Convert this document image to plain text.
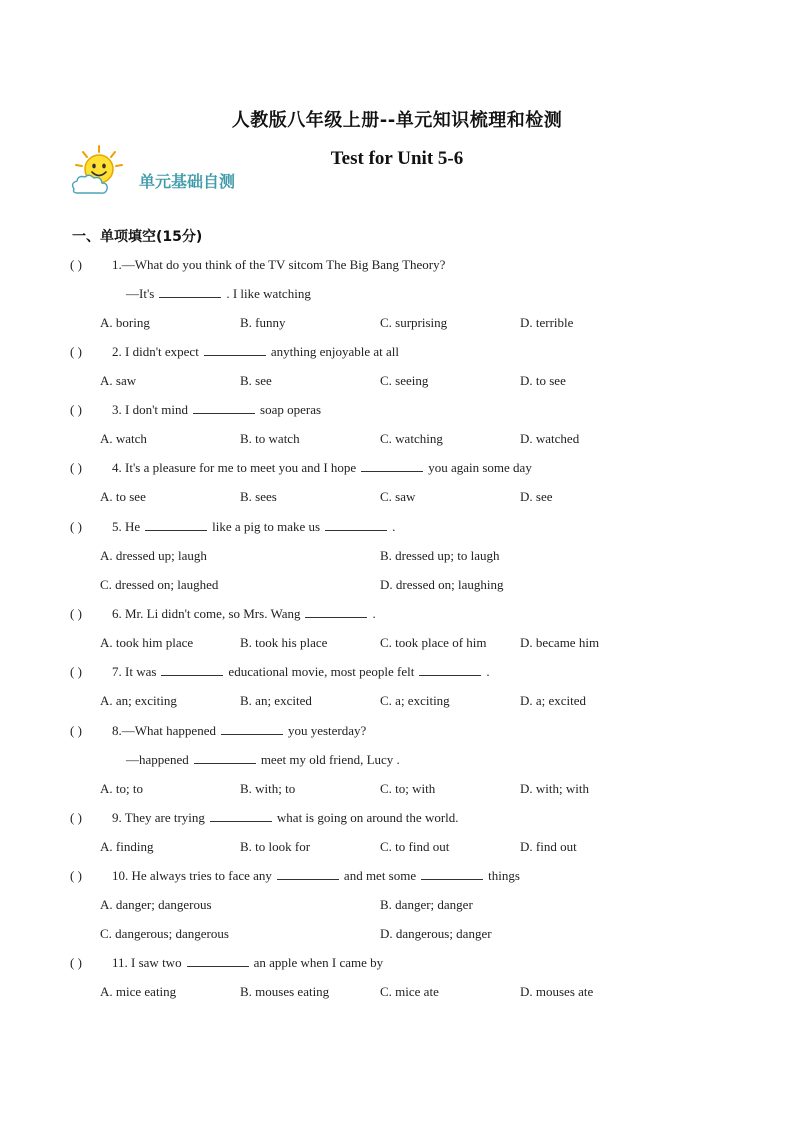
人教版八年级上册--单元知识梳理和检测
Test for Unit 5-6
单元基础自测
一、单项填空(15分)
( ) 1.—What do you think of the TV sitcom The Big Bang Theory?
—It's	. I like watching
A. boring	B. funny	C. surprising	D. terrible
( ) 2. I didn't expect	anything enjoyable at all
A. saw	B. see	C. seeing	D. to see
( ) 3. I don't mind	soap operas
A. watch	B. to watch	C. watching	D. watched
( ) 4. It's a pleasure for me to meet you and I hope	you again some day
A. to see	B. sees	C. saw	D. see
( ) 5. He	like a pig to make us	.
A. dressed up; laugh	B. dressed up; to laugh
C. dressed on; laughed	D. dressed on; laughing
( ) 6. Mr. Li didn't come, so Mrs. Wang	.
A. took him place	B. took his place	C. took place of him	D. became him
( ) 7. It was	educational movie, most people felt	.
A. an; exciting	B. an; excited	C. a; exciting	D. a; excited
( ) 8.—What happened	you yesterday?
—happened	meet my old friend, Lucy .
A. to; to	B. with; to	C. to; with	D. with; with
( ) 9. They are trying	what is going on around the world.
A. finding	B. to look for	C. to find out	D. find out
( ) 10. He always tries to face any	and met some	things
A. danger; dangerous	B. danger; danger
C. dangerous; dangerous	D. dangerous; danger
( ) 11. I saw two	an apple when I came by
A. mice eating	B. mouses eating	C. mice ate	D. mouses ate
